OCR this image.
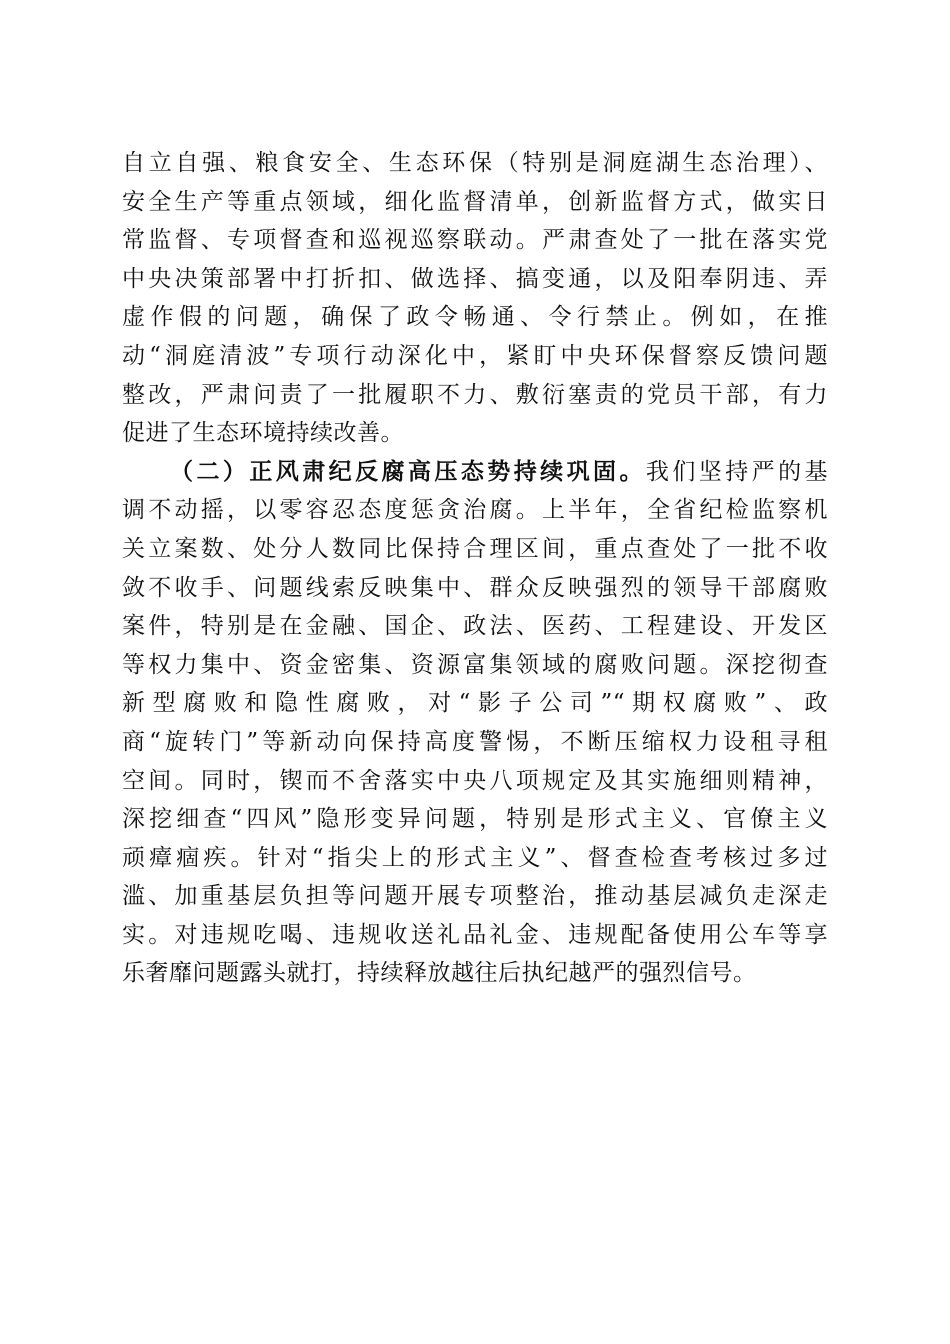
自立自强、粮食安全、生态环保（特别是洞庭湖生态治理）、
安全生产等重点领域，细化监督清单，创新监督方式，做实日
常监督、专项督查和巡视巡察联动。严肃查处了一批在落实党
中央决策部署中打折扣、做选择、搞变通，以及阳奉阴违、弄
虚作假的问题，确保了政令畅通、令行禁止。例如，在推
动“洞庭清波”专项行动深化中，紧盯中央环保督察反馈问题
整改，严肃问责了一批履职不力、敷衍塞责的党员干部，有力
促进了生态环境持续改善。
（二）正风肃纪反腐高压态势持续巩固。我们坚持严的基
调不动摇，以零容忍态度惩贪治腐。上半年，全省纪检监察机
关立案数、处分人数同比保持合理区间，重点查处了一批不收
敛不收手、问题线索反映集中、群众反映强烈的领导干部腐败
案件，特别是在金融、国企、政法、医药、工程建设、开发区
等权力集中、资金密集、资源富集领域的腐败问题。深挖彻查
新型腐败和隐性腐败，对“影子公司”“期权腐败”、政
商“旋转门”等新动向保持高度警惕，不断压缩权力设租寻租
空间。同时，锲而不舍落实中央八项规定及其实施细则精神，
深挖细查“四风”隐形变异问题，特别是形式主义、官僚主义
顽瘴痼疾。针对“指尖上的形式主义”、督查检查考核过多过
滥、加重基层负担等问题开展专项整治，推动基层减负走深走
实。对违规吃喝、违规收送礼品礼金、违规配备使用公车等享
乐奢靡问题露头就打，持续释放越往后执纪越严的强烈信号。
